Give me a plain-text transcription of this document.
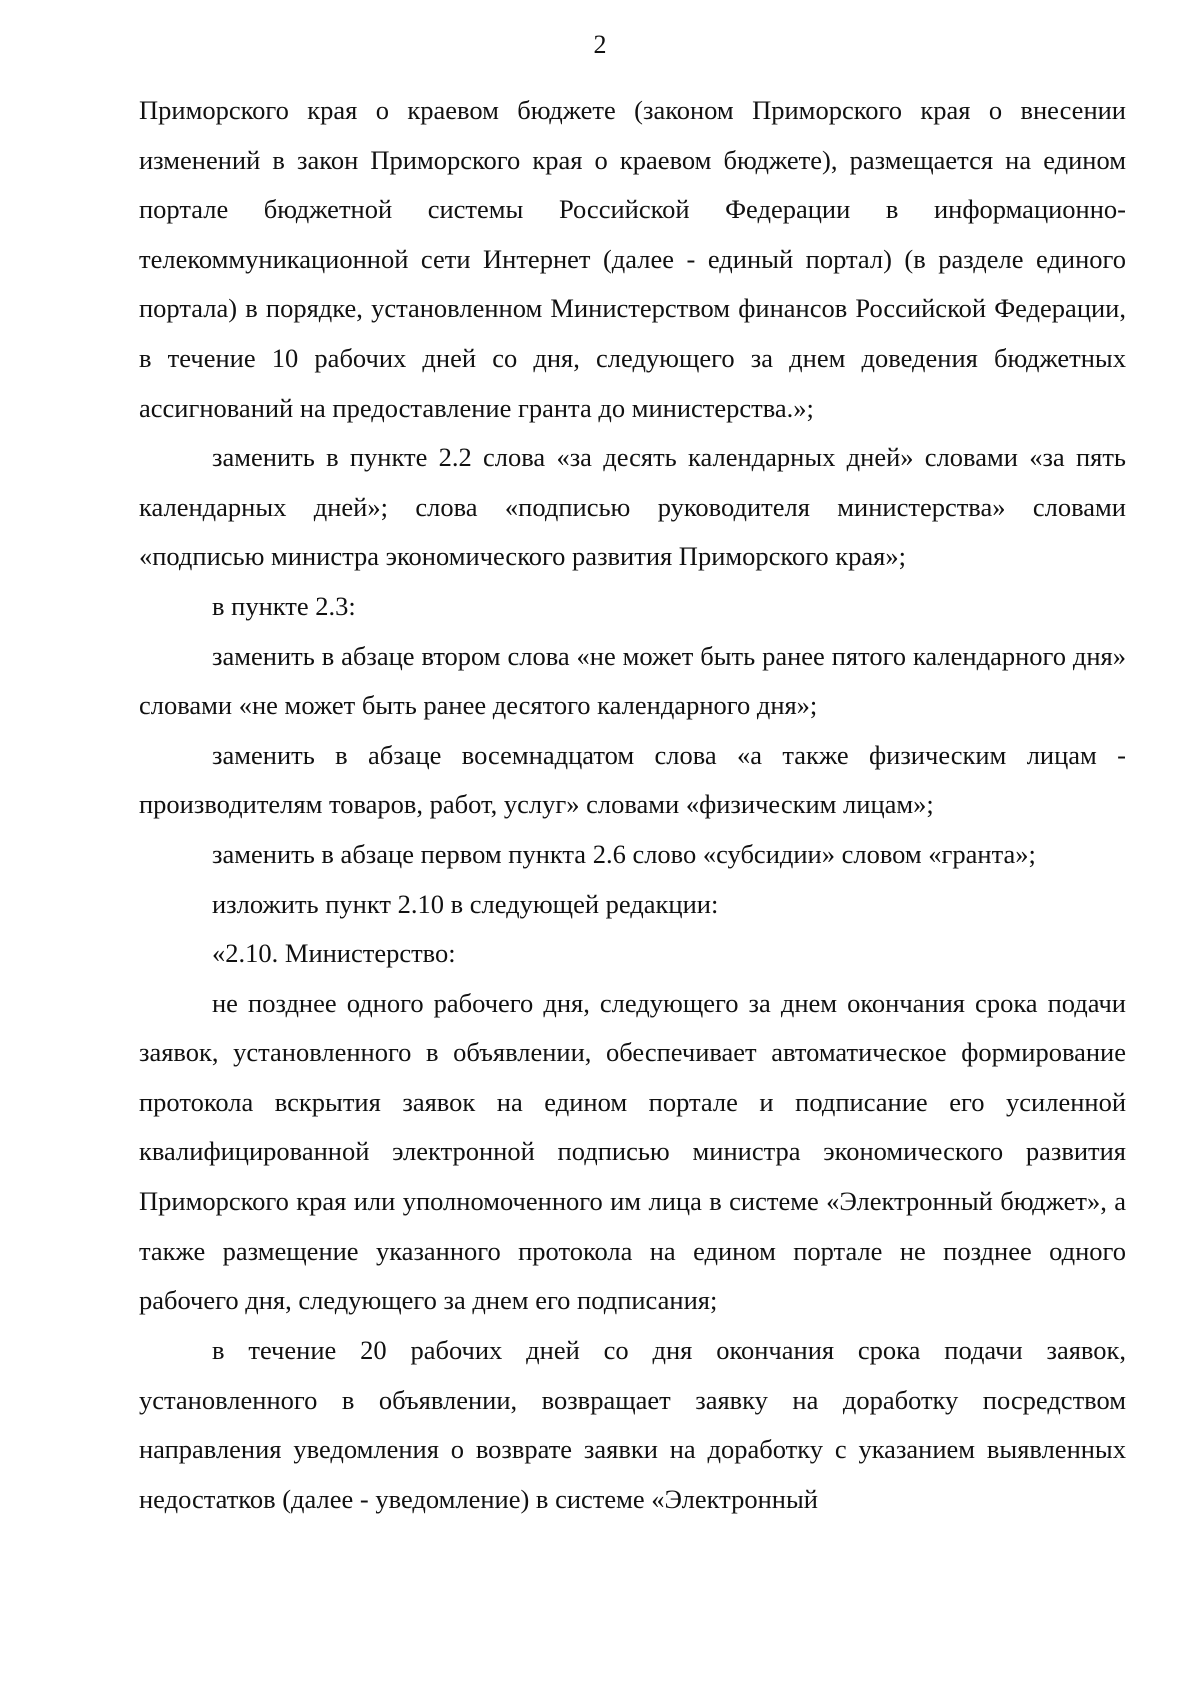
2

Приморского края о краевом бюджете (законом Приморского края о внесении изменений в закон Приморского края о краевом бюджете), размещается на едином портале бюджетной системы Российской Федерации в информационно-телекоммуникационной сети Интернет (далее - единый портал) (в разделе единого портала) в порядке, установленном Министерством финансов Российской Федерации, в течение 10 рабочих дней со дня, следующего за днем доведения бюджетных ассигнований на предоставление гранта до министерства.»;

заменить в пункте 2.2 слова «за десять календарных дней» словами «за пять календарных дней»; слова «подписью руководителя министерства» словами «подписью министра экономического развития Приморского края»;

в пункте 2.3:

заменить в абзаце втором слова «не может быть ранее пятого календарного дня» словами «не может быть ранее десятого календарного дня»;

заменить в абзаце восемнадцатом слова «а также физическим лицам - производителям товаров, работ, услуг» словами «физическим лицам»;

заменить в абзаце первом пункта 2.6 слово «субсидии» словом «гранта»;

изложить пункт 2.10 в следующей редакции:

«2.10. Министерство:

не позднее одного рабочего дня, следующего за днем окончания срока подачи заявок, установленного в объявлении, обеспечивает автоматическое формирование протокола вскрытия заявок на едином портале и подписание его усиленной квалифицированной электронной подписью министра экономического развития Приморского края или уполномоченного им лица в системе «Электронный бюджет», а также размещение указанного протокола на едином портале не позднее одного рабочего дня, следующего за днем его подписания;

в течение 20 рабочих дней со дня окончания срока подачи заявок, установленного в объявлении, возвращает заявку на доработку посредством направления уведомления о возврате заявки на доработку с указанием выявленных недостатков (далее - уведомление) в системе «Электронный
